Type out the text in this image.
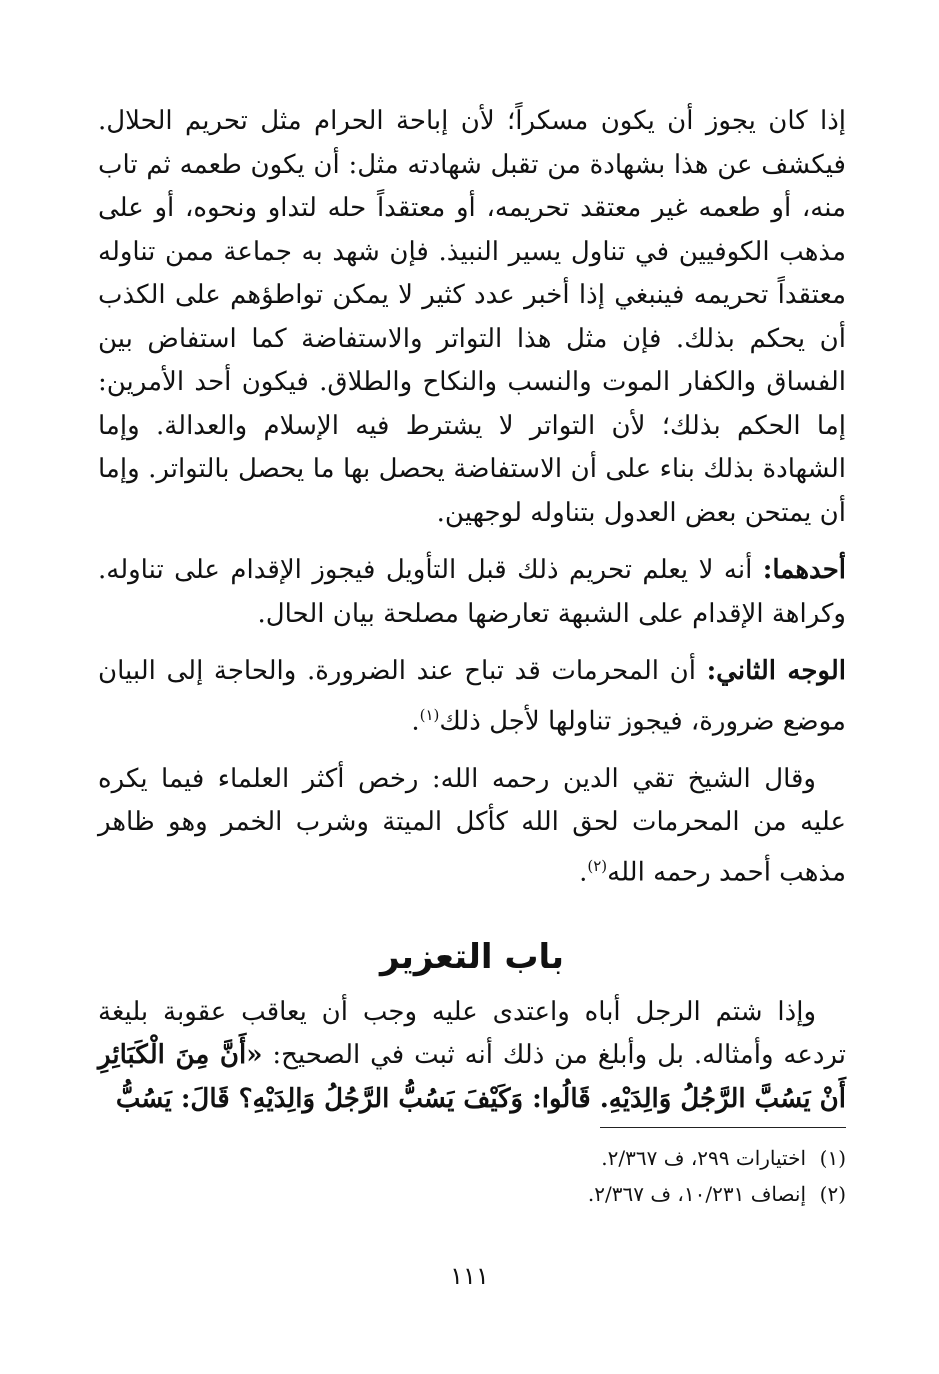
إذا كان يجوز أن يكون مسكراً؛ لأن إباحة الحرام مثل تحريم الحلال. فيكشف عن هذا بشهادة من تقبل شهادته مثل: أن يكون طعمه ثم تاب منه، أو طعمه غير معتقد تحريمه، أو معتقداً حله لتداو ونحوه، أو على مذهب الكوفيين في تناول يسير النبيذ. فإن شهد به جماعة ممن تناوله معتقداً تحريمه فينبغي إذا أخبر عدد كثير لا يمكن تواطؤهم على الكذب أن يحكم بذلك. فإن مثل هذا التواتر والاستفاضة كما استفاض بين الفساق والكفار الموت والنسب والنكاح والطلاق. فيكون أحد الأمرين: إما الحكم بذلك؛ لأن التواتر لا يشترط فيه الإسلام والعدالة. وإما الشهادة بذلك بناء على أن الاستفاضة يحصل بها ما يحصل بالتواتر. وإما أن يمتحن بعض العدول بتناوله لوجهين.

أحدهما: أنه لا يعلم تحريم ذلك قبل التأويل فيجوز الإقدام على تناوله. وكراهة الإقدام على الشبهة تعارضها مصلحة بيان الحال.

الوجه الثاني: أن المحرمات قد تباح عند الضرورة. والحاجة إلى البيان موضع ضرورة، فيجوز تناولها لأجل ذلك$^{(١)}$.

وقال الشيخ تقي الدين رحمه الله: رخص أكثر العلماء فيما يكره عليه من المحرمات لحق الله كأكل الميتة وشرب الخمر وهو ظاهر مذهب أحمد رحمه الله$^{(٢)}$.

باب التعزير

وإذا شتم الرجل أباه واعتدى عليه وجب أن يعاقب عقوبة بليغة تردعه وأمثاله. بل وأبلغ من ذلك أنه ثبت في الصحيح: «أَنَّ مِنَ الْكَبَائِرِ أَنْ يَسُبَّ الرَّجُلُ وَالِدَيْهِ. قَالُوا: وَكَيْفَ يَسُبُّ الرَّجُلُ وَالِدَيْهِ؟ قَالَ: يَسُبُّ

(١)اختيارات ٢٩٩، ف ٢/٣٦٧.
(٢)إنصاف ١٠/٢٣١، ف ٢/٣٦٧.
١١١
